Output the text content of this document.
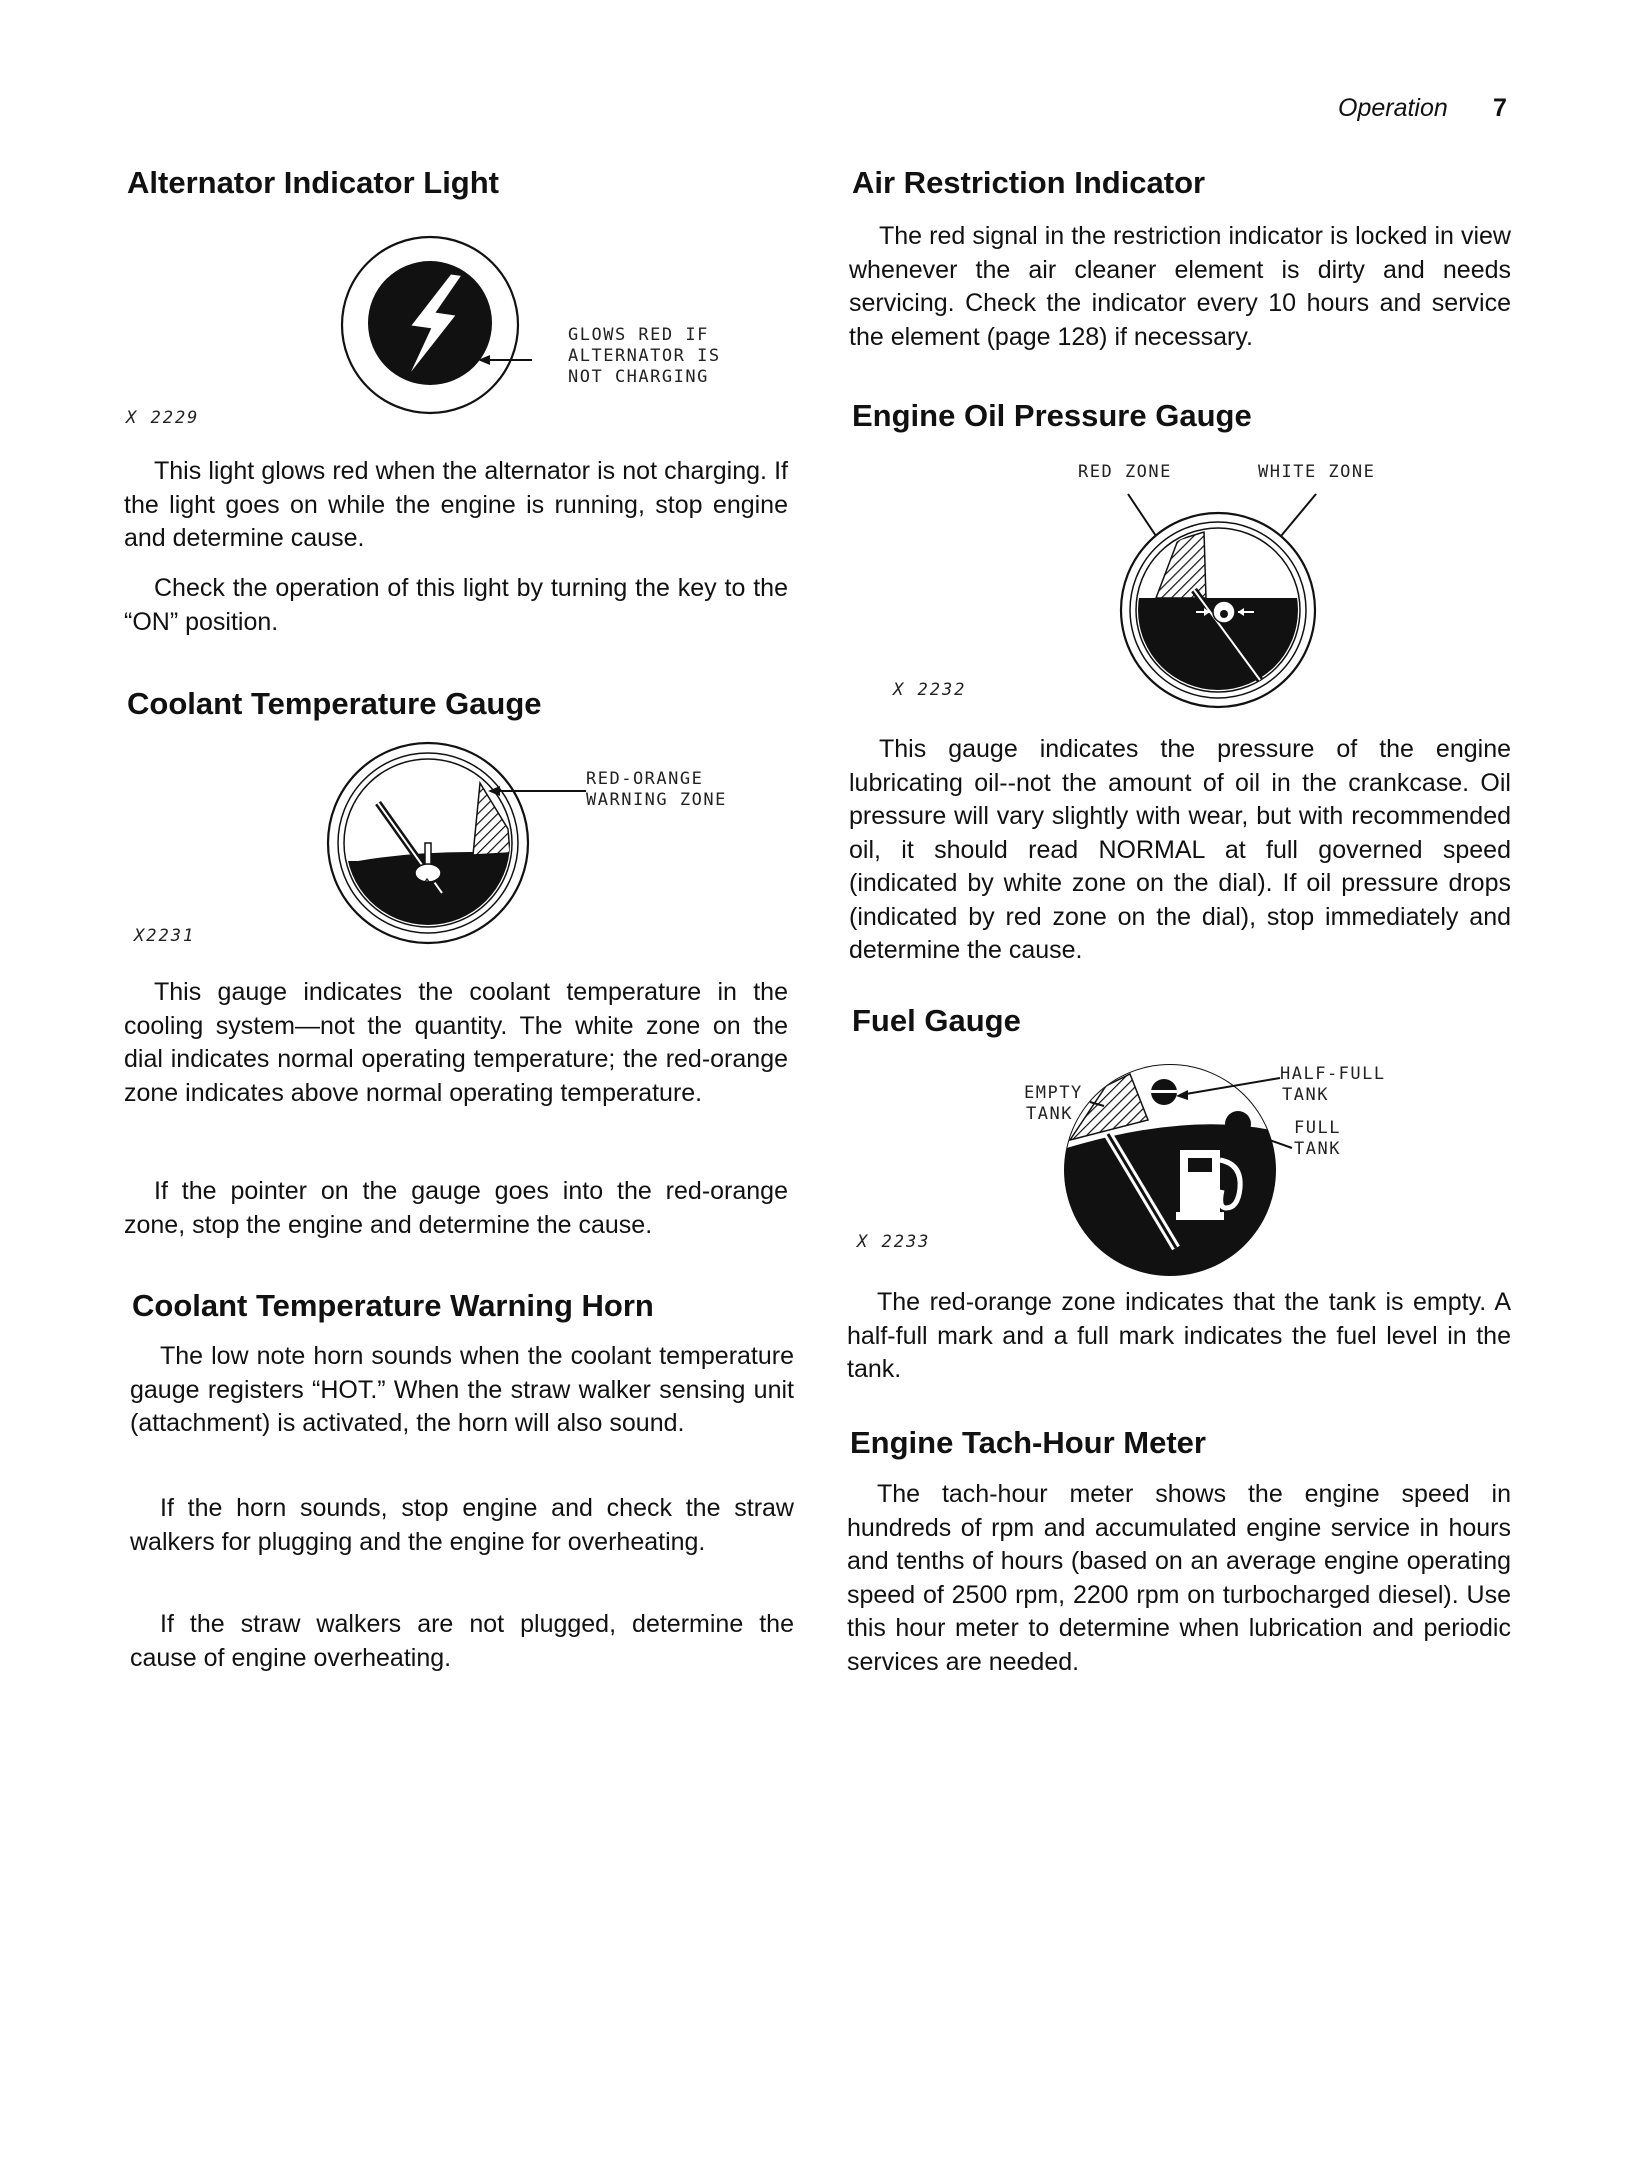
Operation 7
Alternator Indicator Light
GLOWS RED IF
ALTERNATOR IS
NOT CHARGING
X 2229

This light glows red when the alternator is not charging. If the light goes on while the engine is running, stop engine and determine cause.

Check the operation of this light by turning the key to the “ON” position.

Coolant Temperature Gauge
RED-ORANGE
WARNING ZONE
X2231

This gauge indicates the coolant temperature in the cooling system—not the quantity. The white zone on the dial indicates normal operating temperature; the red-orange zone indicates above normal operating temperature.

If the pointer on the gauge goes into the red-orange zone, stop the engine and determine the cause.

Coolant Temperature Warning Horn

The low note horn sounds when the coolant temperature gauge registers “HOT.” When the straw walker sensing unit (attachment) is activated, the horn will also sound.

If the horn sounds, stop engine and check the straw walkers for plugging and the engine for overheating.

If the straw walkers are not plugged, determine the cause of engine overheating.

Air Restriction Indicator

The red signal in the restriction indicator is locked in view whenever the air cleaner element is dirty and needs servicing. Check the indicator every 10 hours and service the element (page 128) if necessary.

Engine Oil Pressure Gauge
RED ZONE	WHITE ZONE
X 2232

This gauge indicates the pressure of the engine lubricating oil--not the amount of oil in the crankcase. Oil pressure will vary slightly with wear, but with recommended oil, it should read NORMAL at full governed speed (indicated by white zone on the dial). If oil pressure drops (indicated by red zone on the dial), stop immediately and determine the cause.

Fuel Gauge
EMPTY
TANK
HALF-FULL
TANK
FULL
TANK
X 2233

The red-orange zone indicates that the tank is empty. A half-full mark and a full mark indicates the fuel level in the tank.

Engine Tach-Hour Meter

The tach-hour meter shows the engine speed in hundreds of rpm and accumulated engine service in hours and tenths of hours (based on an average engine operating speed of 2500 rpm, 2200 rpm on turbocharged diesel). Use this hour meter to determine when lubrication and periodic services are needed.
